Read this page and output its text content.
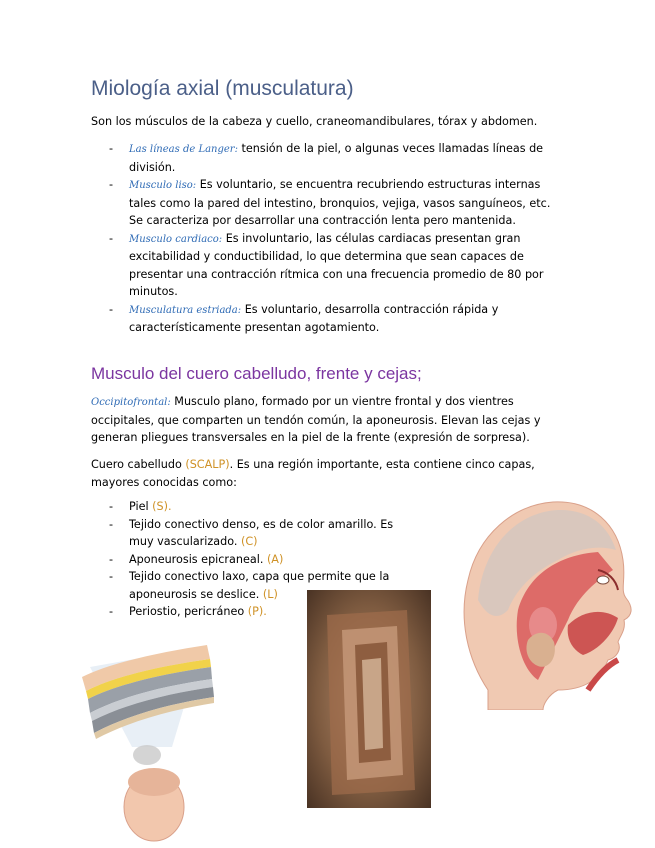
Miología axial (musculatura)
Son los músculos de la cabeza y cuello, craneomandibulares, tórax y abdomen.
- Las líneas de Langer: tensión de la piel, o algunas veces llamadas líneas de división.
- Musculo liso: Es voluntario, se encuentra recubriendo estructuras internas tales como la pared del intestino, bronquios, vejiga, vasos sanguíneos, etc. Se caracteriza por desarrollar una contracción lenta pero mantenida.
- Musculo cardiaco: Es involuntario, las células cardiacas presentan gran excitabilidad y conductibilidad, lo que determina que sean capaces de presentar una contracción rítmica con una frecuencia promedio de 80 por minutos.
- Musculatura estriada: Es voluntario, desarrolla contracción rápida y característicamente presentan agotamiento.
Musculo del cuero cabelludo, frente y cejas;
Occipitofrontal: Musculo plano, formado por un vientre frontal y dos vientres occipitales, que comparten un tendón común, la aponeurosis. Elevan las cejas y generan pliegues transversales en la piel de la frente (expresión de sorpresa).
Cuero cabelludo (SCALP). Es una región importante, esta contiene cinco capas, mayores conocidas como:
- Piel (S).
- Tejido conectivo denso, es de color amarillo. Es muy vascularizado. (C)
- Aponeurosis epicraneal. (A)
- Tejido conectivo laxo, capa que permite que la aponeurosis se deslice. (L)
- Periostio, pericráneo (P).
